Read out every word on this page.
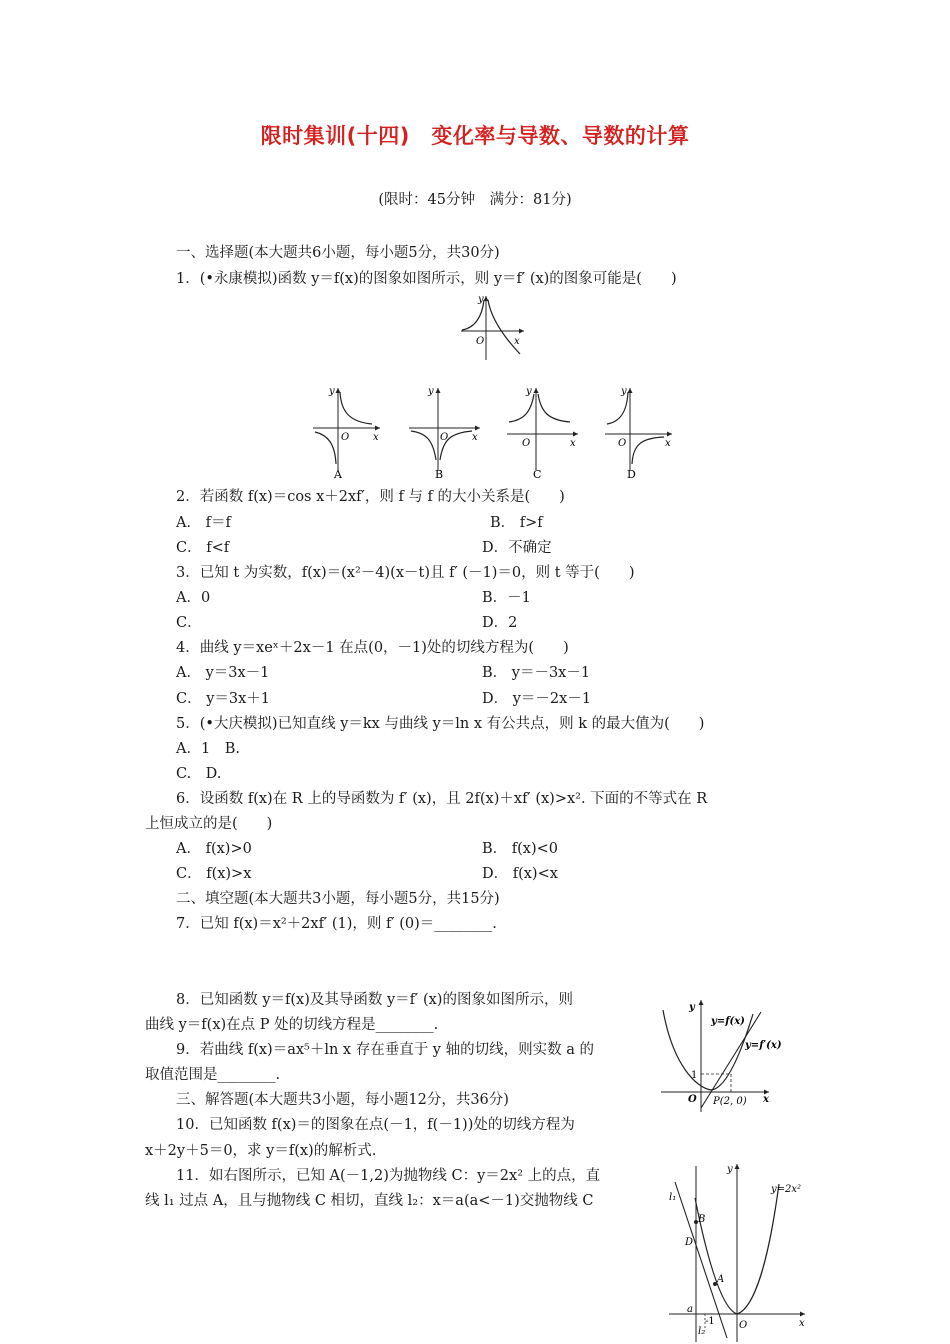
限时集训(十四)　变化率与导数、导数的计算
(限时：45分钟　满分：81分)
一、选择题(本大题共6小题，每小题5分，共30分)
1．(•永康模拟)函数 y＝f(x)的图象如图所示，则 y＝f′ (x)的图象可能是(　　)
y
O	x
y
O x
A
y
O x
B
y
O	x
C
y
O	x
D
2．若函数 f(x)＝cos x＋2xf′，则 f 与 f 的大小关系是(　　)
A． f＝f	B． f>f
C． f<f	D．不确定
3．已知 t 为实数，f(x)＝(x²－4)(x－t)且 f′ (－1)＝0，则 t 等于(　　)
A．0	B．－1
C．	D．2
4．曲线 y＝xeˣ＋2x－1 在点(0，－1)处的切线方程为(　　)
A． y＝3x－1	B． y＝－3x－1
C． y＝3x＋1	D． y＝－2x－1
5．(•大庆模拟)已知直线 y＝kx 与曲线 y＝ln x 有公共点，则 k 的最大值为(　　)
A．1　B.
C.　D.
6．设函数 f(x)在 R 上的导函数为 f′ (x)，且 2f(x)＋xf′ (x)>x². 下面的不等式在 R
上恒成立的是(　　)
A． f(x)>0	B． f(x)<0
C． f(x)>x	D． f(x)<x
二、填空题(本大题共3小题，每小题5分，共15分)
7．已知 f(x)＝x²＋2xf′ (1)，则 f′ (0)＝________.
8．已知函数 y＝f(x)及其导函数 y＝f′ (x)的图象如图所示，则
曲线 y＝f(x)在点 P 处的切线方程是________.
9．若曲线 f(x)＝ax⁵＋ln x 存在垂直于 y 轴的切线，则实数 a 的
取值范围是________.
三、解答题(本大题共3小题，每小题12分，共36分)
10．已知函数 f(x)＝的图象在点(－1，f(－1))处的切线方程为
x＋2y＋5＝0，求 y＝f(x)的解析式.
11．如右图所示，已知 A(－1,2)为抛物线 C：y＝2x² 上的点，直
线 l₁ 过点 A，且与抛物线 C 相切，直线 l₂：x＝a(a<－1)交抛物线 C
y
y=f(x)
y=f′(x)
1
O P(2, 0) x
y
y=2x²
l₁
B
D
A
a
-1
l₂
O	x
